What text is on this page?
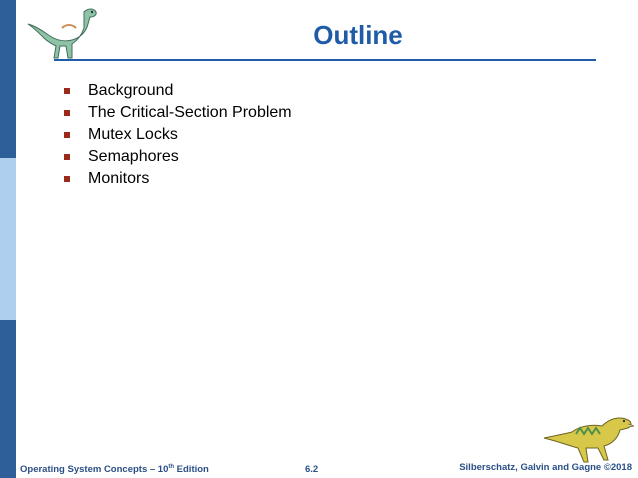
Outline
Background
The Critical-Section Problem
Mutex Locks
Semaphores
Monitors
Operating System Concepts – 10th Edition	6.2	Silberschatz, Galvin and Gagne ©2018
